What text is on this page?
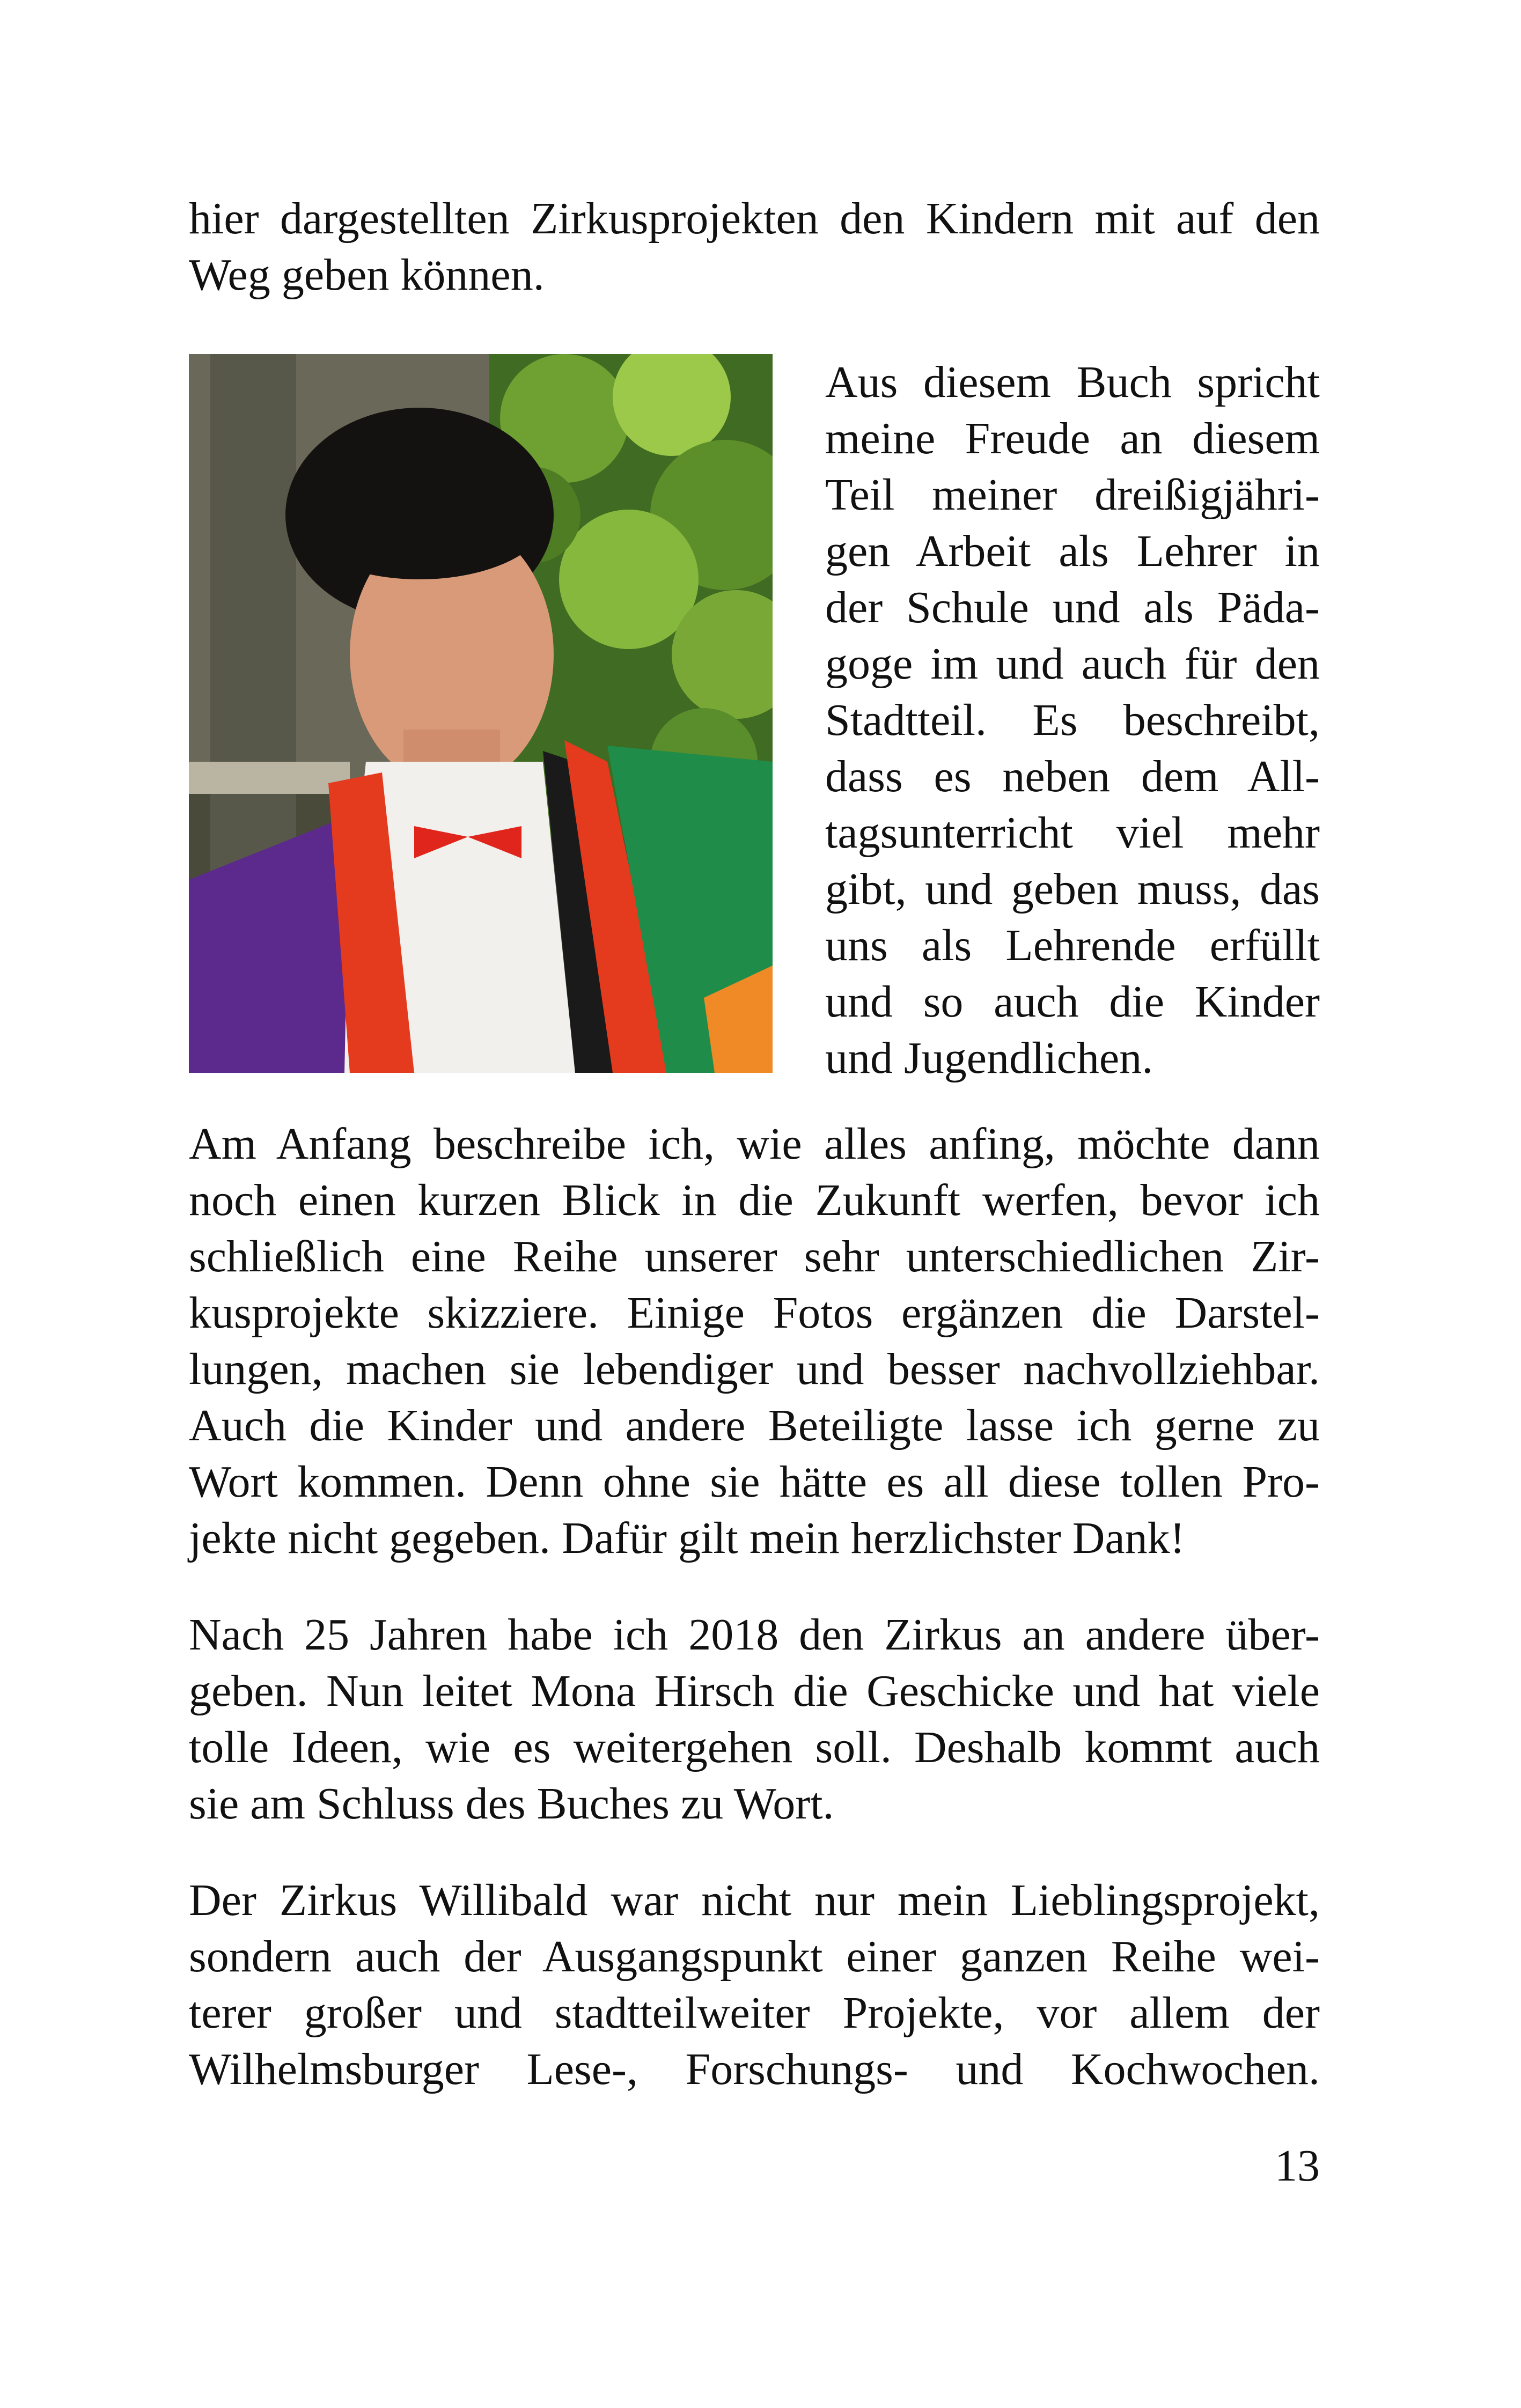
hier dargestellten Zirkusprojekten den Kindern mit auf den
Weg geben können.
Aus diesem Buch spricht
meine Freude an diesem
Teil meiner dreißigjähri-
gen Arbeit als Lehrer in
der Schule und als Päda-
goge im und auch für den
Stadtteil. Es beschreibt,
dass es neben dem All-
tagsunterricht viel mehr
gibt, und geben muss, das
uns als Lehrende erfüllt
und so auch die Kinder
und Jugendlichen.
Am Anfang beschreibe ich, wie alles anfing, möchte dann
noch einen kurzen Blick in die Zukunft werfen, bevor ich
schließlich eine Reihe unserer sehr unterschiedlichen Zir-
kusprojekte skizziere. Einige Fotos ergänzen die Darstel-
lungen, machen sie lebendiger und besser nachvollziehbar.
Auch die Kinder und andere Beteiligte lasse ich gerne zu
Wort kommen. Denn ohne sie hätte es all diese tollen Pro-
jekte nicht gegeben. Dafür gilt mein herzlichster Dank!
Nach 25 Jahren habe ich 2018 den Zirkus an andere über-
geben. Nun leitet Mona Hirsch die Geschicke und hat viele
tolle Ideen, wie es weitergehen soll. Deshalb kommt auch
sie am Schluss des Buches zu Wort.
Der Zirkus Willibald war nicht nur mein Lieblingsprojekt,
sondern auch der Ausgangspunkt einer ganzen Reihe wei-
terer großer und stadtteilweiter Projekte, vor allem der
Wilhelmsburger Lese-, Forschungs- und Kochwochen.
13
